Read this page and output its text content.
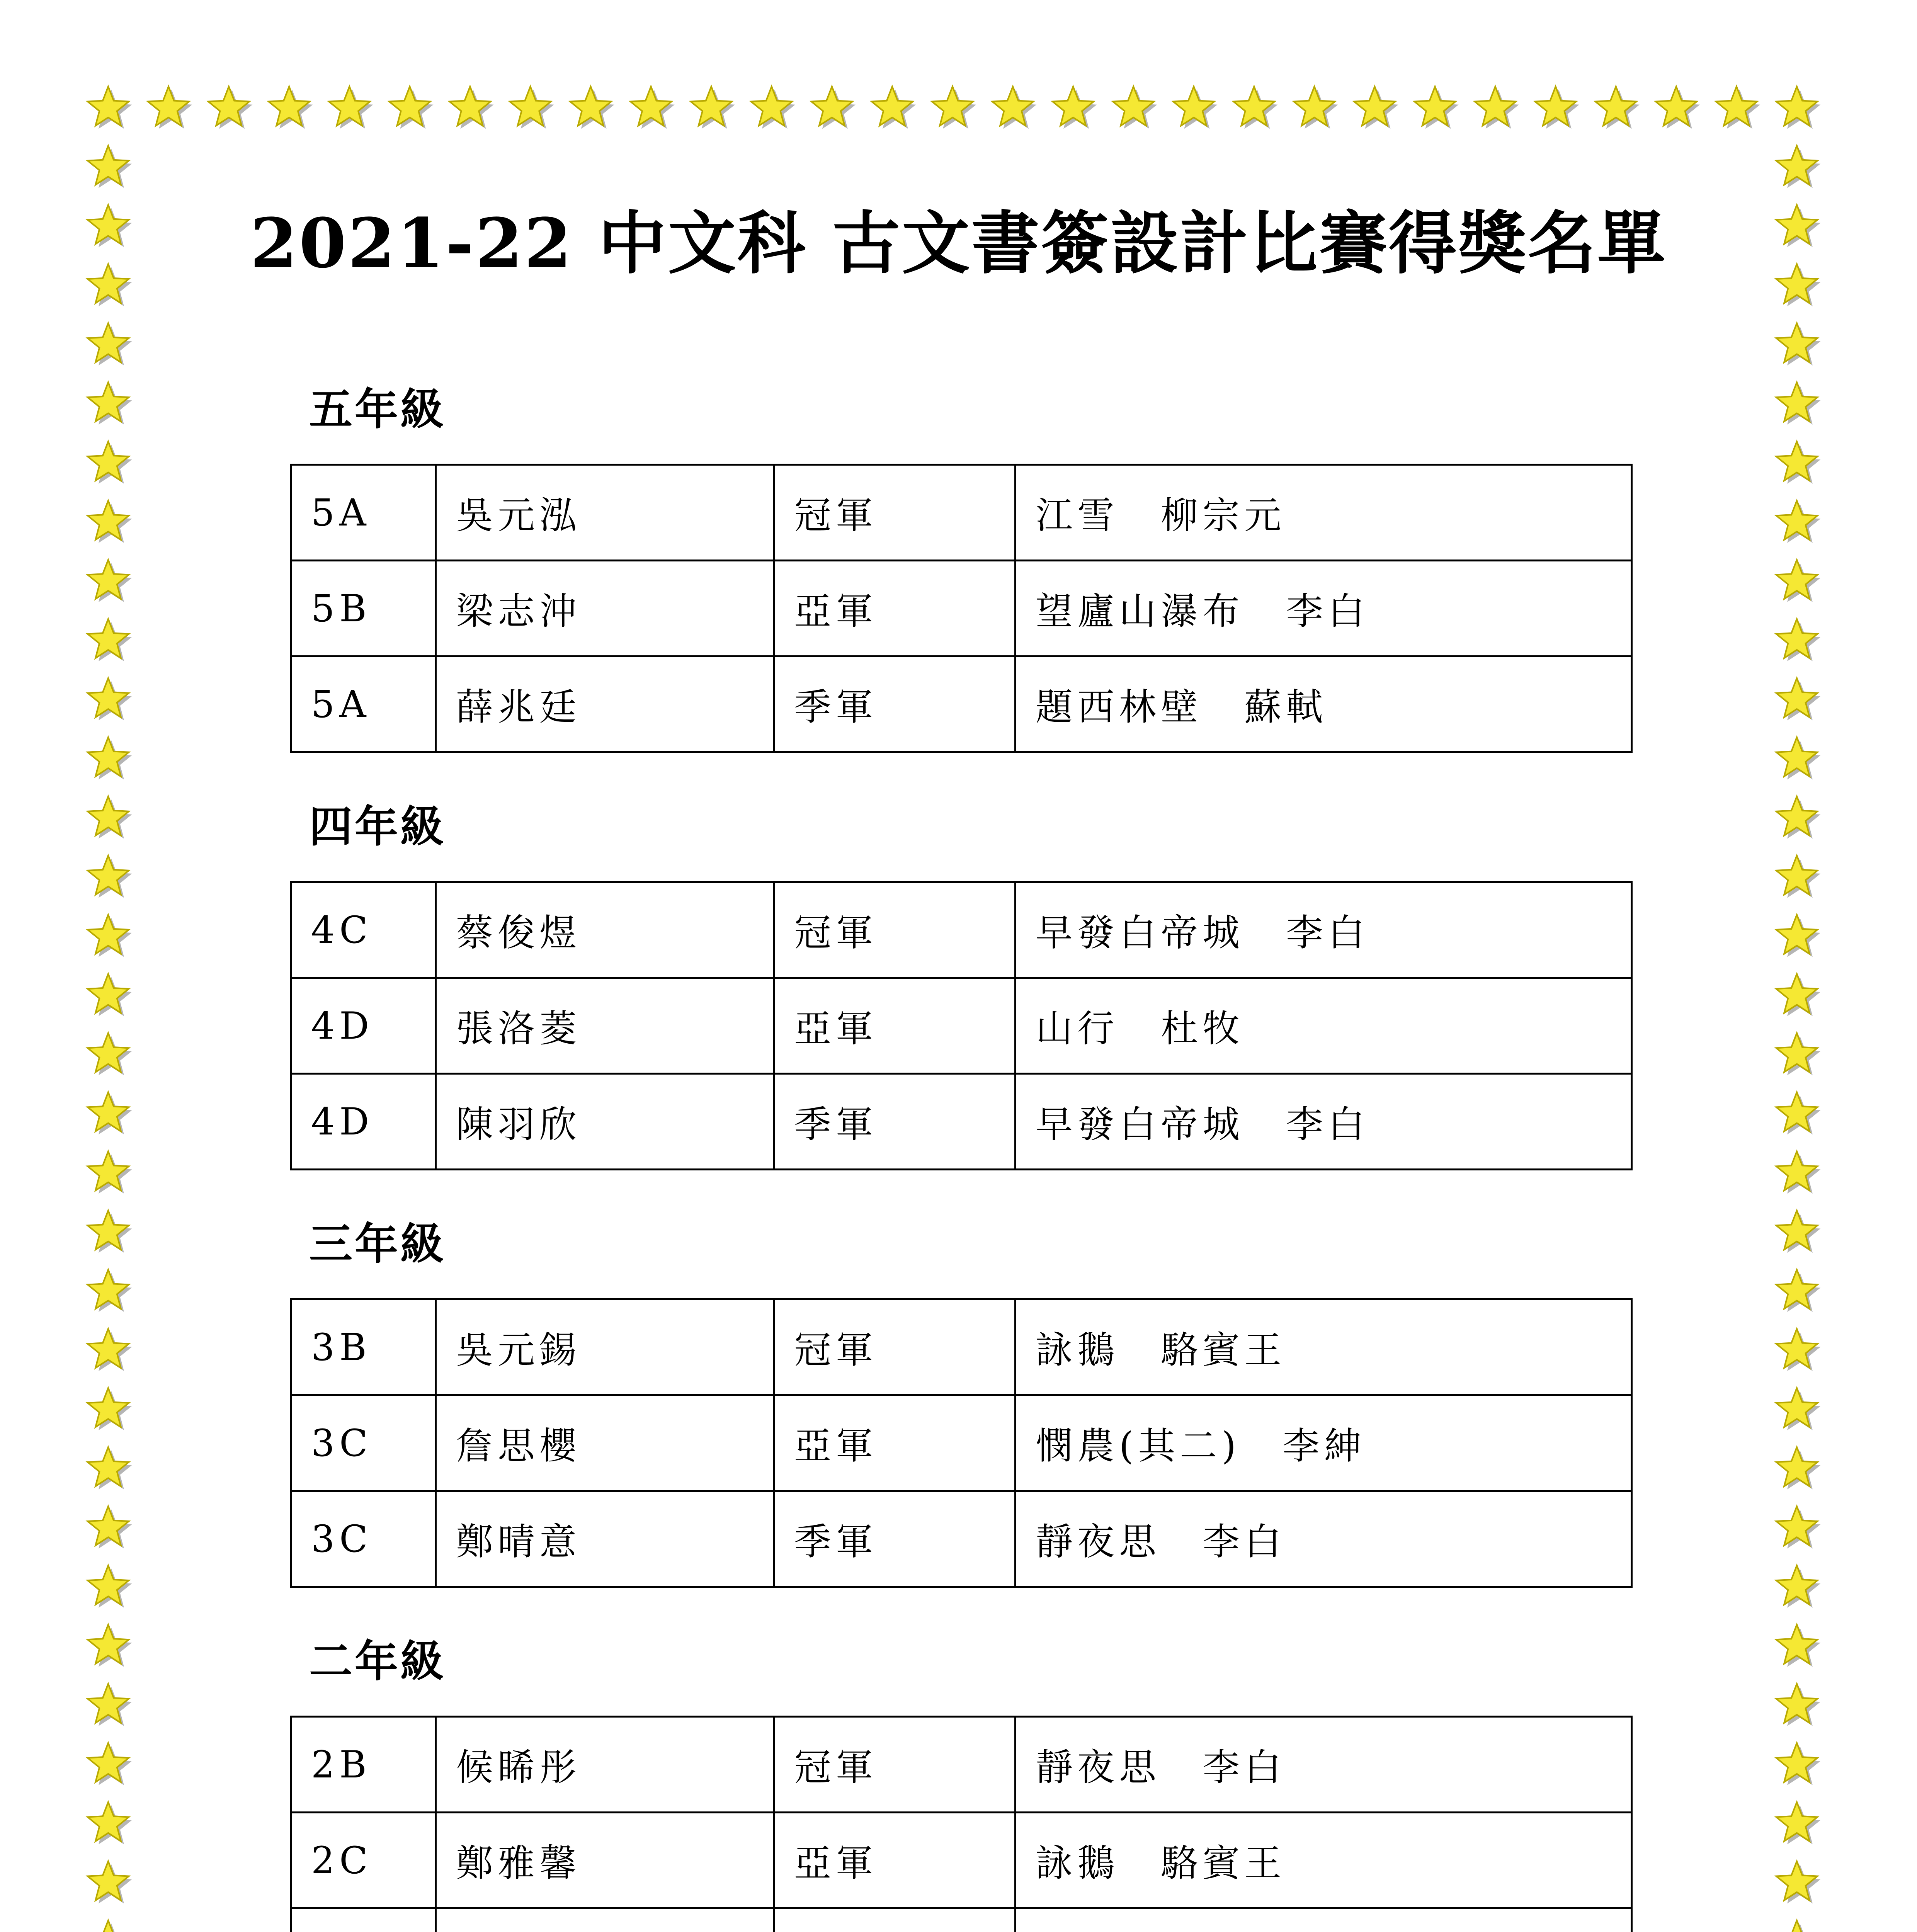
2021-22 中文科 古文書簽設計比賽得獎名單
五年級
5A	吳元泓	冠軍	江雪　柳宗元
5B	梁志沖	亞軍	望廬山瀑布　李白
5A	薛兆廷	季軍	題西林壁　蘇軾
四年級
4C	蔡俊煜	冠軍	早發白帝城　李白
4D	張洛菱	亞軍	山行　杜牧
4D	陳羽欣	季軍	早發白帝城　李白
三年級
3B	吳元錫	冠軍	詠鵝　駱賓王
3C	詹思櫻	亞軍	憫農(其二)　李紳
3C	鄭晴意	季軍	靜夜思　李白
二年級
2B	候睎彤	冠軍	靜夜思　李白
2C	鄭雅馨	亞軍	詠鵝　駱賓王
